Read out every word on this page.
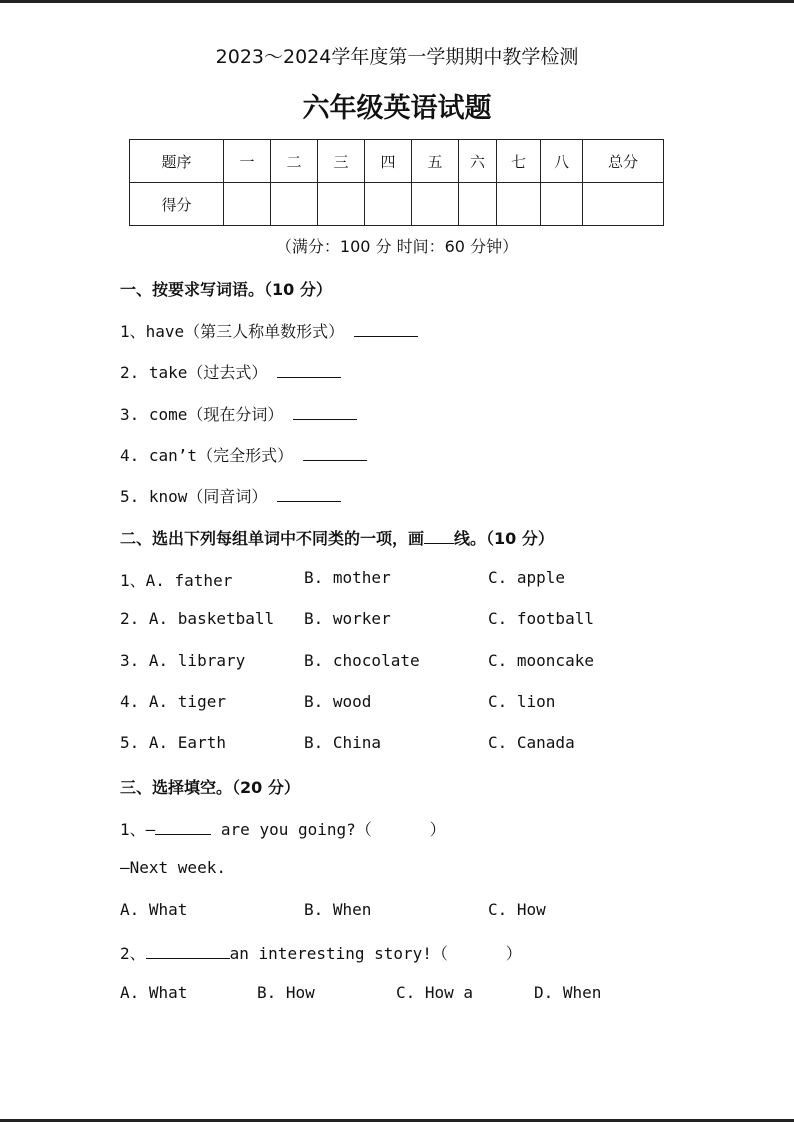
2023～2024学年度第一学期期中教学检测
六年级英语试题
题序	一	二	三	四	五	六	七	八	总分
得分									
（满分：100 分 时间：60 分钟）
一、按要求写词语。（10 分）
1、have（第三人称单数形式）
2. take（过去式）
3. come（现在分词）
4. can’t（完全形式）
5. know（同音词）
二、选出下列每组单词中不同类的一项，画 线。（10 分）
1、A. father	B. mother	C. apple
2. A. basketball B. worker	C. football
3. A. library	B. chocolate	C. mooncake
4. A. tiger	B. wood	C. lion
5. A. Earth	B. China	C. Canada
三、选择填空。（20 分）
1、—	are you going?（      ）
—Next week.
A. What	B. When	C. How
2、	an interesting story!（      ）
A. What	B. How	C. How a	D. When
